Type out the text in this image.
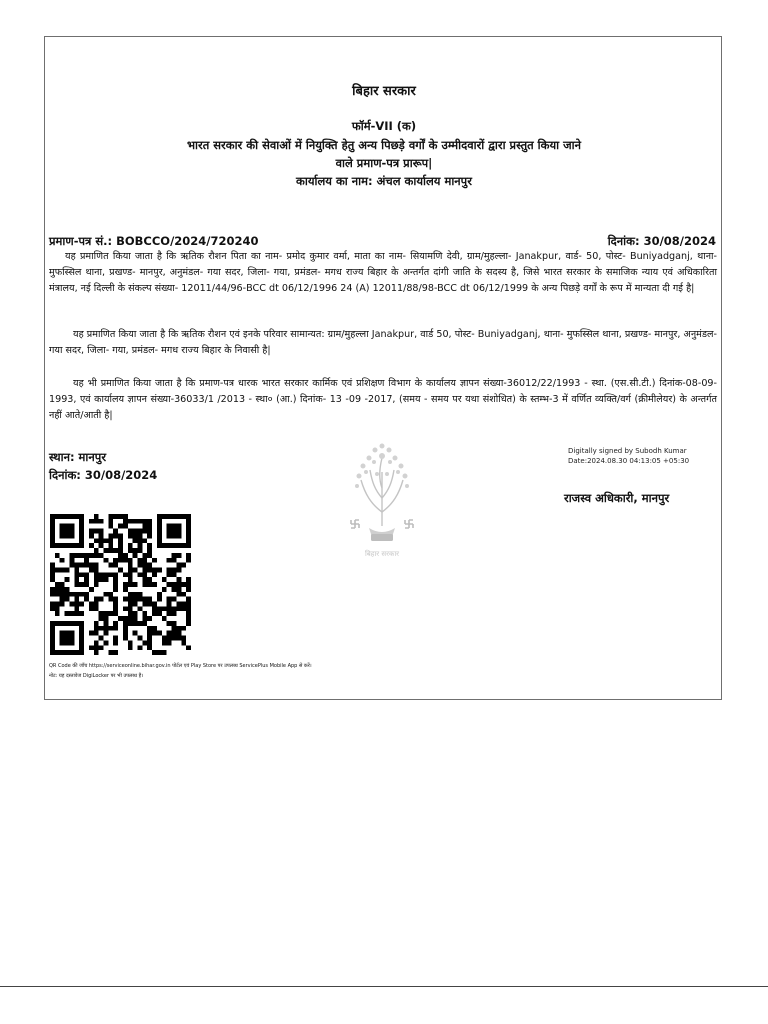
बिहार सरकार
फॉर्म-VII (क)
भारत सरकार की सेवाओं में नियुक्ति हेतु अन्य पिछड़े वर्गों के उम्मीदवारों द्वारा प्रस्तुत किया जाने
वाले प्रमाण-पत्र प्रारूप|
कार्यालय का नाम: अंचल कार्यालय मानपुर
प्रमाण-पत्र सं.: BOBCCO/2024/720240	दिनांक: 30/08/2024

यह प्रमाणित किया जाता है कि ऋतिक रौशन पिता का नाम- प्रमोद कुमार वर्मा, माता का नाम- सियामणि देवी, ग्राम/मुहल्ला- Janakpur, वार्ड- 50, पोस्ट- Buniyadganj, थाना- मुफस्सिल थाना, प्रखण्ड- मानपुर, अनुमंडल- गया सदर, जिला- गया, प्रमंडल- मगध राज्य बिहार के अन्तर्गत दांगी जाति के सदस्य है, जिसे भारत सरकार के समाजिक न्याय एवं अधिकारिता मंत्रालय, नई दिल्ली के संकल्प संख्या- 12011/44/96-BCC dt 06/12/1996 24 (A) 12011/88/98-BCC dt 06/12/1999 के अन्य पिछड़े वर्गों के रूप में मान्यता दी गई है|

यह प्रमाणित किया जाता है कि ऋतिक रौशन एवं इनके परिवार सामान्यत: ग्राम/मुहल्ला Janakpur, वार्ड 50, पोस्ट- Buniyadganj, थाना- मुफस्सिल थाना, प्रखण्ड- मानपुर, अनुमंडल- गया सदर, जिला- गया, प्रमंडल- मगध राज्य बिहार के निवासी है|

यह भी प्रमाणित किया जाता है कि प्रमाण-पत्र धारक भारत सरकार कार्मिक एवं प्रशिक्षण विभाग के कार्यालय ज्ञापन संख्या-36012/22/1993 - स्था. (एस.सी.टी.) दिनांक-08-09-1993, एवं कार्यालय ज्ञापन संख्या-36033/1 /2013 - स्था० (आ.) दिनांक- 13 -09 -2017, (समय - समय पर यथा संशोधित) के स्तम्भ-3 में वर्णित व्यक्ति/वर्ग (क्रीमीलेयर) के अन्तर्गत नहीं आते/आती है|

स्थान: मानपुर
दिनांक: 30/08/2024
Digitally signed by Subodh Kumar
Date:2024.08.30 04:13:05 +05:30
राजस्व अधिकारी, मानपुर
बिहार सरकार
QR Code की जाँच https://serviceonline.bihar.gov.in पोर्टल एवं Play Store पर उपलब्ध ServicePlus Mobile App से करें।
नोट: यह दस्तावेज DigiLocker पर भी उपलब्ध है।
